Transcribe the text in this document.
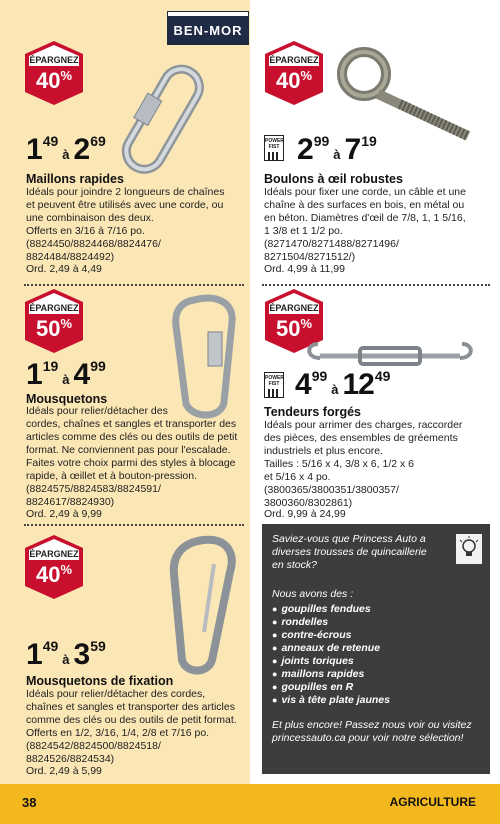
BEN-MOR
ÉPARGNEZ
40%
149à 269
Maillons rapides
Idéals pour joindre 2 longueurs de chaînes
et peuvent être utilisés avec une corde, ou
une combinaison des deux.
Offerts en 3/16 à 7/16 po.
(8824450/8824468/8824476/
8824484/8824492)
Ord. 2,49 à 4,49
ÉPARGNEZ
40%
POWER FIST 299à 719
Boulons à œil robustes
Idéals pour fixer une corde, un câble et une
chaîne à des surfaces en bois, en métal ou
en béton. Diamètres d'œil de 7/8, 1, 1 5/16,
1 3/8 et 1 1/2 po.
(8271470/8271488/8271496/
8271504/8271512/)
Ord. 4,99 à 11,99
ÉPARGNEZ
50%
119à 499
Mousquetons
Idéals pour relier/détacher des
cordes, chaînes et sangles et transporter des
articles comme des clés ou des outils de petit
format. Ne conviennent pas pour l'escalade.
Faites votre choix parmi des styles à blocage
rapide, à œillet et à bouton-pression.
(8824575/8824583/8824591/
8824617/8824930)
Ord. 2,49 à 9,99
ÉPARGNEZ
50%
POWER FIST 499à 1249
Tendeurs forgés
Idéals pour arrimer des charges, raccorder
des pièces, des ensembles de gréements
industriels et plus encore.
Tailles : 5/16 x 4, 3/8 x 6, 1/2 x 6
et 5/16 x 4 po.
(3800365/3800351/3800357/
3800360/8302861)
Ord. 9,99 à 24,99
ÉPARGNEZ
40%
149à 359
Mousquetons de fixation
Idéals pour relier/détacher des cordes,
chaînes et sangles et transporter des articles
comme des clés ou des outils de petit format.
Offerts en 1/2, 3/16, 1/4, 2/8 et 7/16 po.
(8824542/8824500/8824518/
8824526/8824534)
Ord. 2,49 à 5,99
Saviez-vous que Princess Auto a diverses trousses de quincaillerie en stock?
Nous avons des :
● goupilles fendues
● rondelles
● contre-écrous
● anneaux de retenue
● joints toriques
● maillons rapides
● goupilles en R
● vis à tête plate jaunes
Et plus encore! Passez nous voir ou visitez princessauto.ca pour voir notre sélection!
38	AGRICULTURE
